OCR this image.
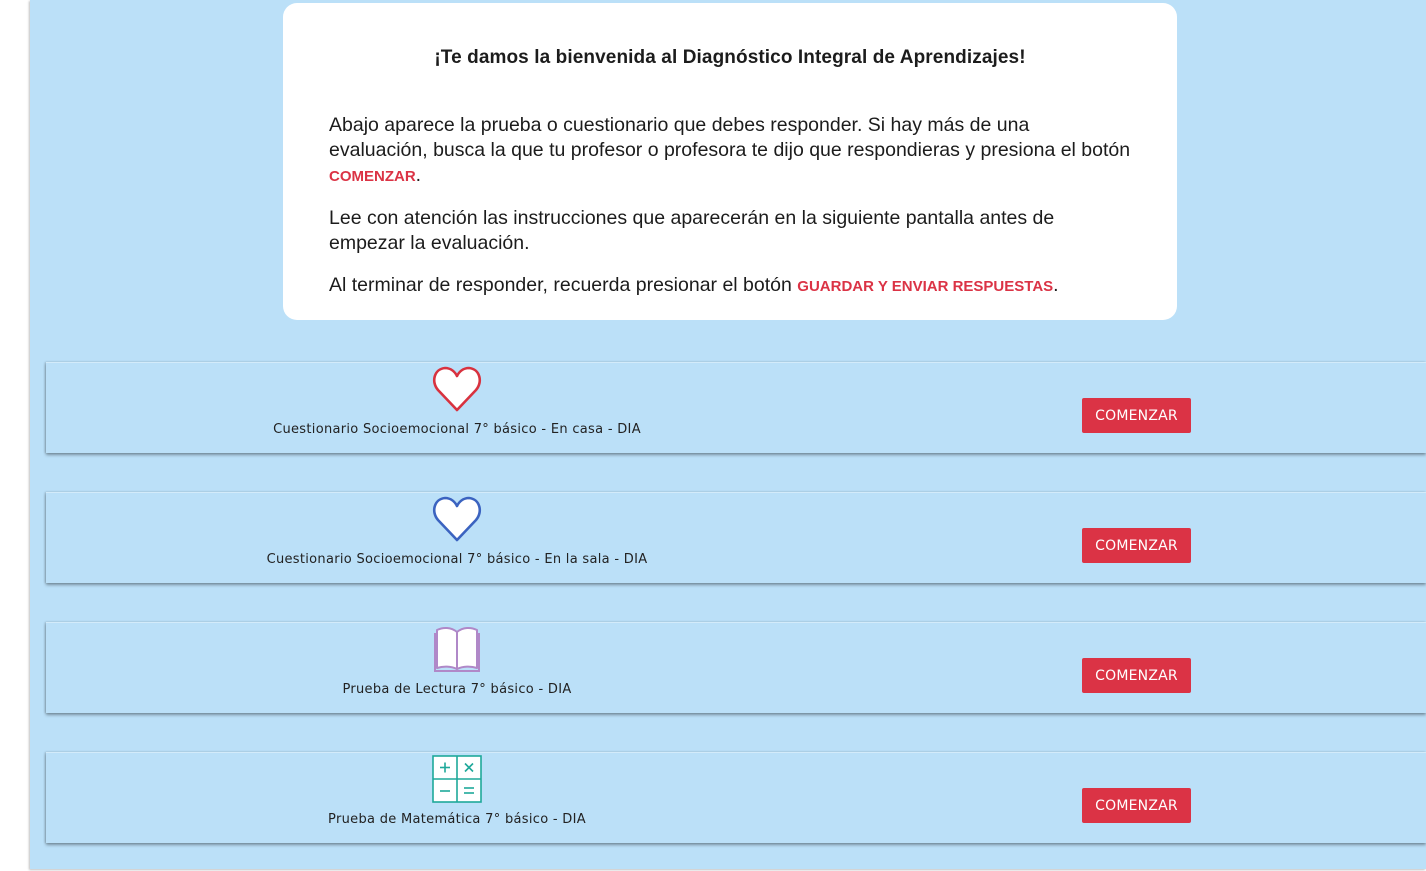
¡Te damos la bienvenida al Diagnóstico Integral de Aprendizajes!

Abajo aparece la prueba o cuestionario que debes responder. Si hay más de una evaluación, busca la que tu profesor o profesora te dijo que respondieras y presiona el botón COMENZAR.

Lee con atención las instrucciones que aparecerán en la siguiente pantalla antes de empezar la evaluación.

Al terminar de responder, recuerda presionar el botón GUARDAR Y ENVIAR RESPUESTAS.

Cuestionario Socioemocional 7° básico - En casa - DIA
COMENZAR
Cuestionario Socioemocional 7° básico - En la sala - DIA
COMENZAR
Prueba de Lectura 7° básico - DIA
COMENZAR
Prueba de Matemática 7° básico - DIA
COMENZAR
